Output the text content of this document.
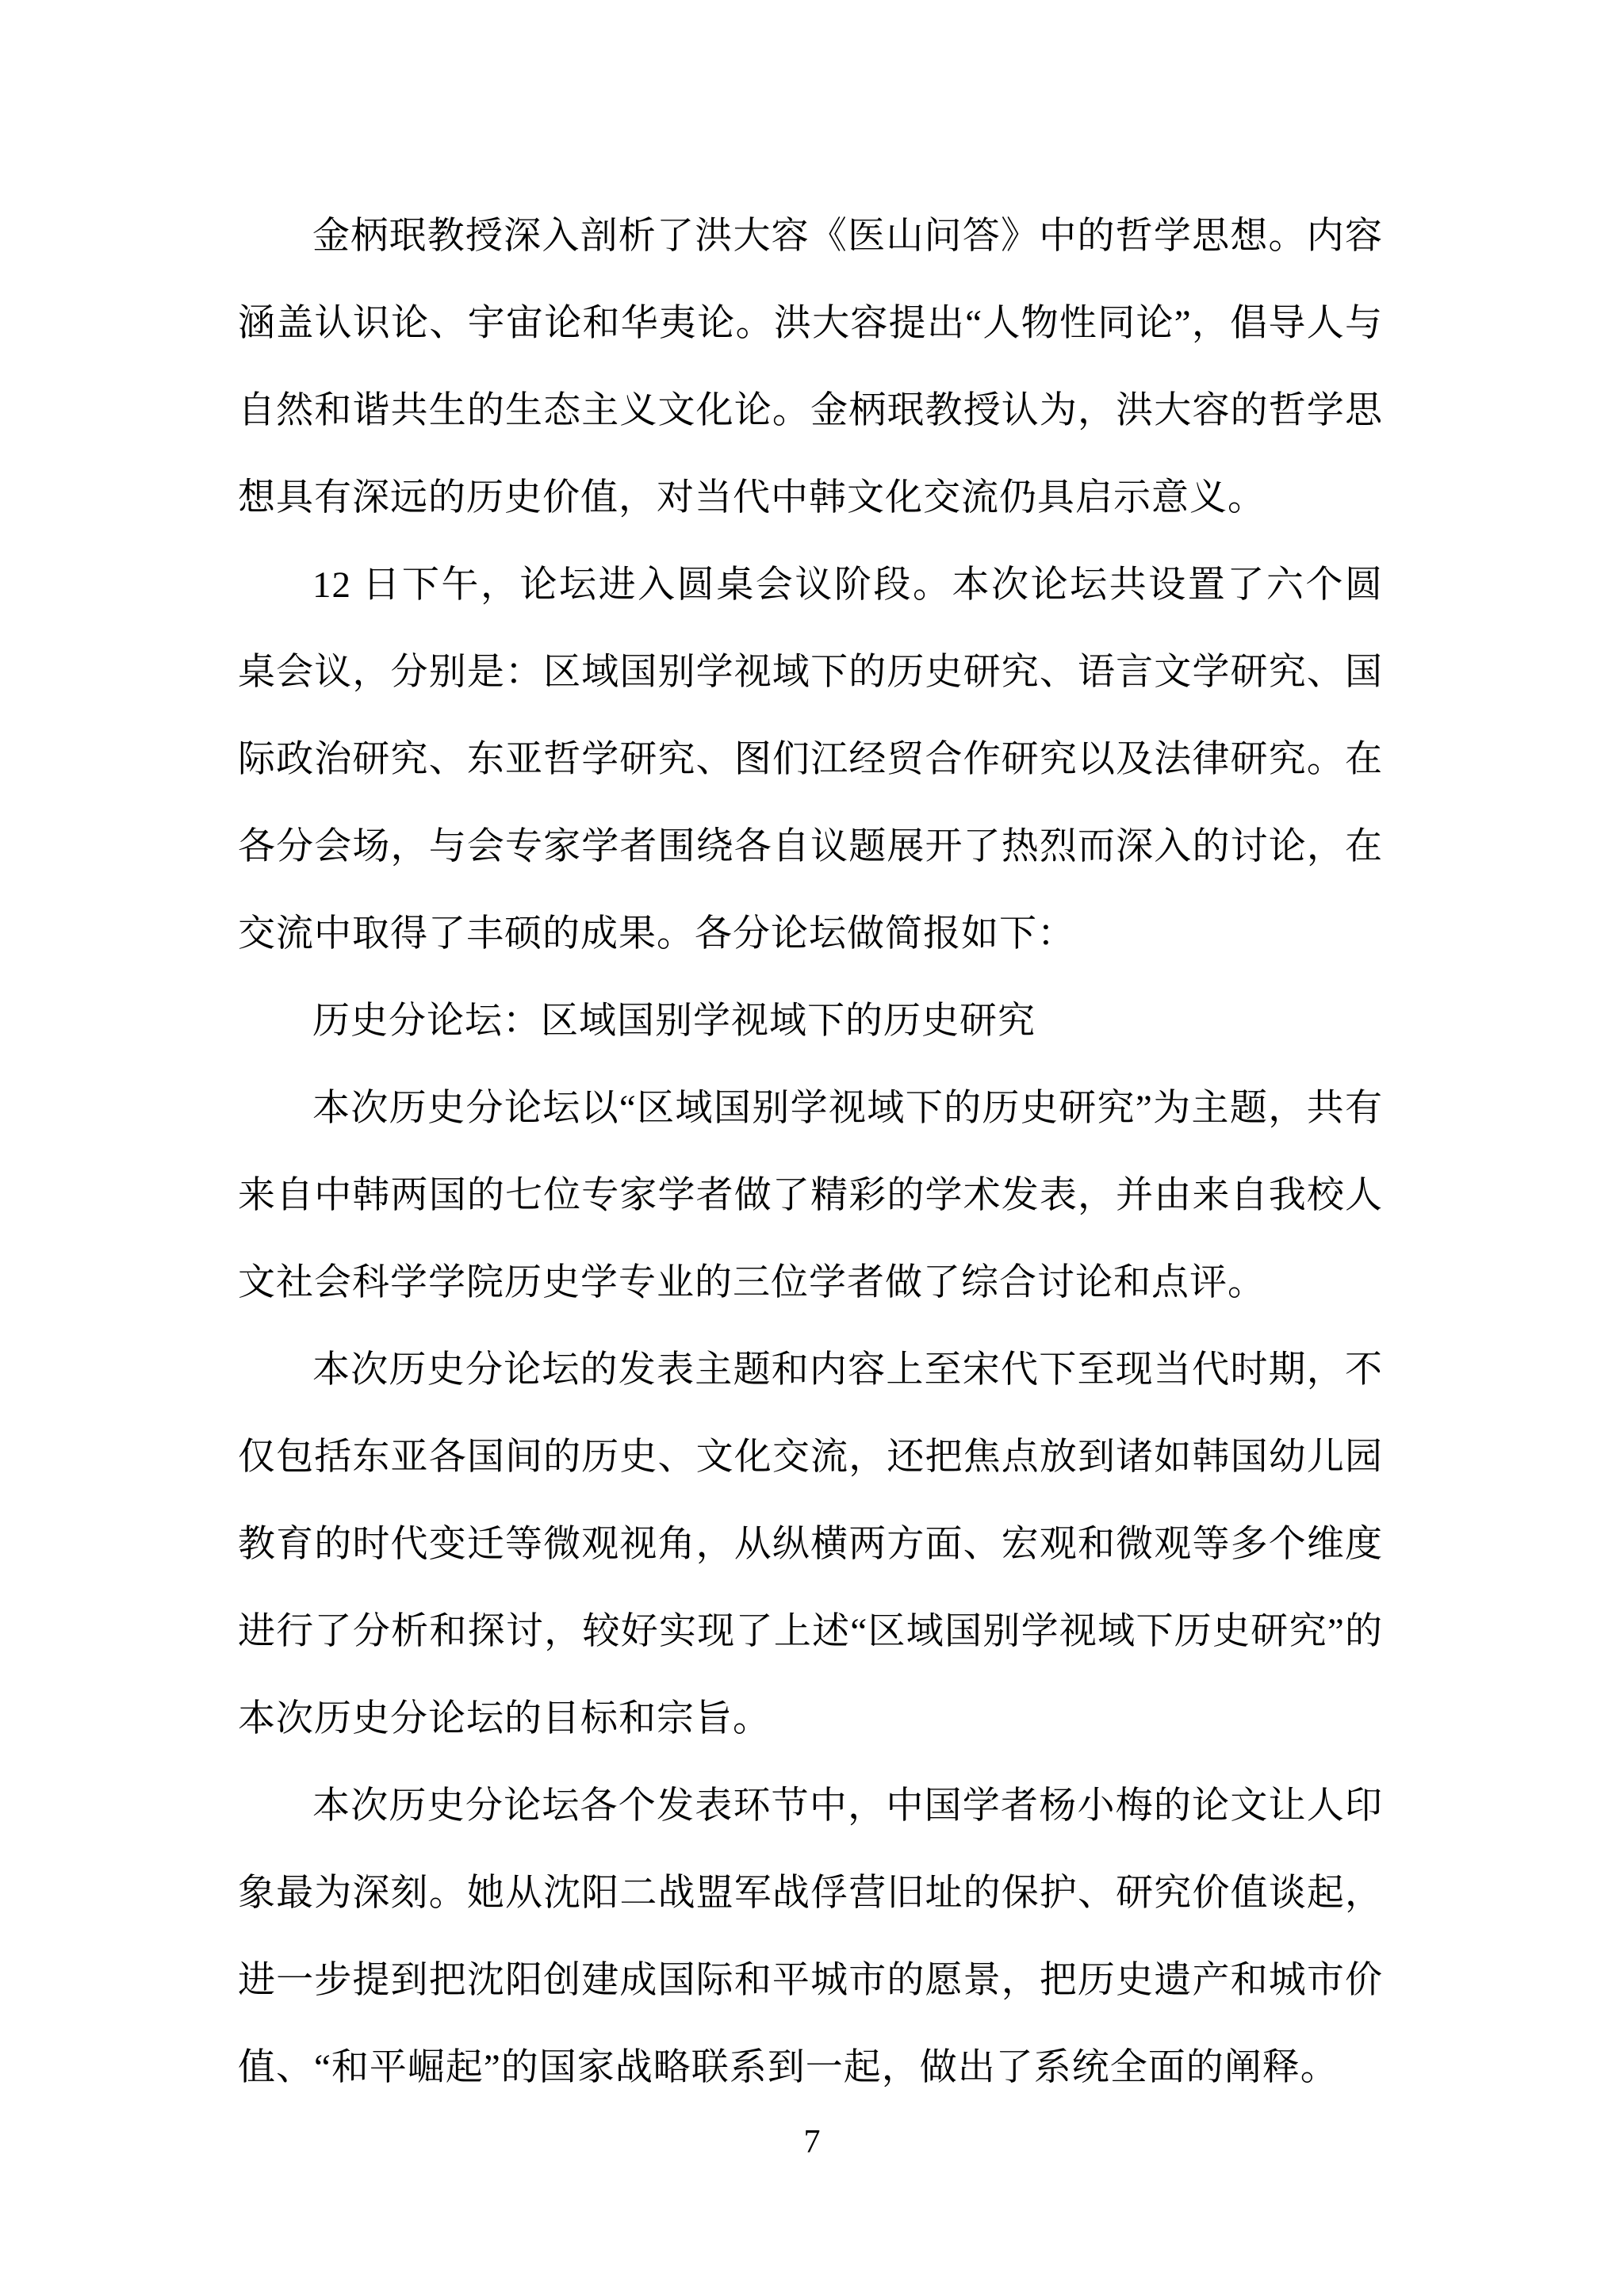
金柄珉教授深入剖析了洪大容《医山问答》中的哲学思想。内容涵盖认识论、宇宙论和华夷论。洪大容提出“人物性同论”，倡导人与自然和谐共生的生态主义文化论。金柄珉教授认为，洪大容的哲学思想具有深远的历史价值，对当代中韩文化交流仍具启示意义。

12 日下午，论坛进入圆桌会议阶段。本次论坛共设置了六个圆桌会议，分别是：区域国别学视域下的历史研究、语言文学研究、国际政治研究、东亚哲学研究、图们江经贸合作研究以及法律研究。在各分会场，与会专家学者围绕各自议题展开了热烈而深入的讨论，在交流中取得了丰硕的成果。各分论坛做简报如下：

历史分论坛：区域国别学视域下的历史研究

本次历史分论坛以“区域国别学视域下的历史研究”为主题，共有来自中韩两国的七位专家学者做了精彩的学术发表，并由来自我校人文社会科学学院历史学专业的三位学者做了综合讨论和点评。

本次历史分论坛的发表主题和内容上至宋代下至现当代时期，不仅包括东亚各国间的历史、文化交流，还把焦点放到诸如韩国幼儿园教育的时代变迁等微观视角，从纵横两方面、宏观和微观等多个维度进行了分析和探讨，较好实现了上述“区域国别学视域下历史研究”的本次历史分论坛的目标和宗旨。

本次历史分论坛各个发表环节中，中国学者杨小梅的论文让人印象最为深刻。她从沈阳二战盟军战俘营旧址的保护、研究价值谈起，进一步提到把沈阳创建成国际和平城市的愿景，把历史遗产和城市价值、“和平崛起”的国家战略联系到一起，做出了系统全面的阐释。

7
